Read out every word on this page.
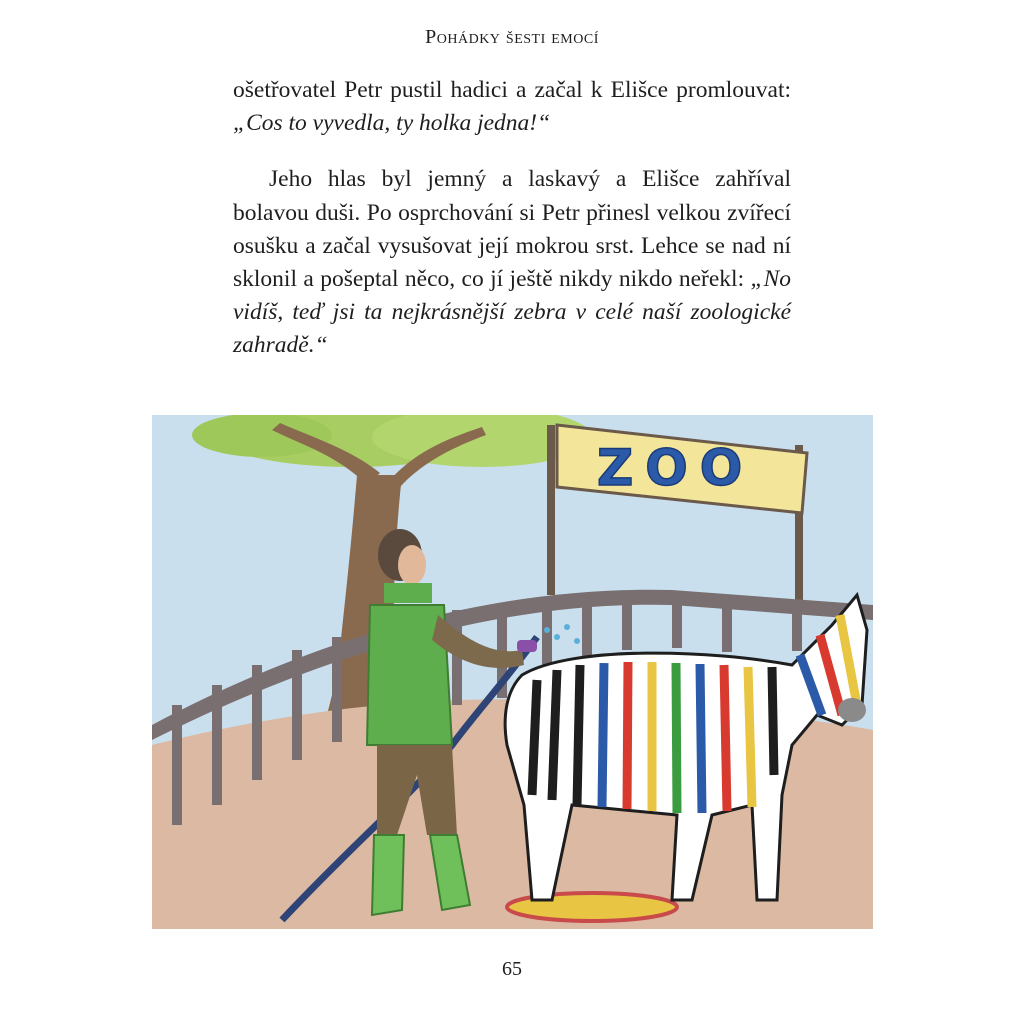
Pohádky šesti emocí

ošetřovatel Petr pustil hadici a začal k Elišce promlouvat: „Cos to vyvedla, ty holka jedna!“

Jeho hlas byl jemný a laskavý a Elišce zahříval bolavou duši. Po osprchování si Petr přinesl velkou zvířecí osušku a začal vysušovat její mokrou srst. Lehce se nad ní sklonil a pošeptal něco, co jí ještě nikdy nikdo neřekl: „No vidíš, teď jsi ta nejkrásnější zebra v celé naší zoologické zahradě.“

ZOO
65
